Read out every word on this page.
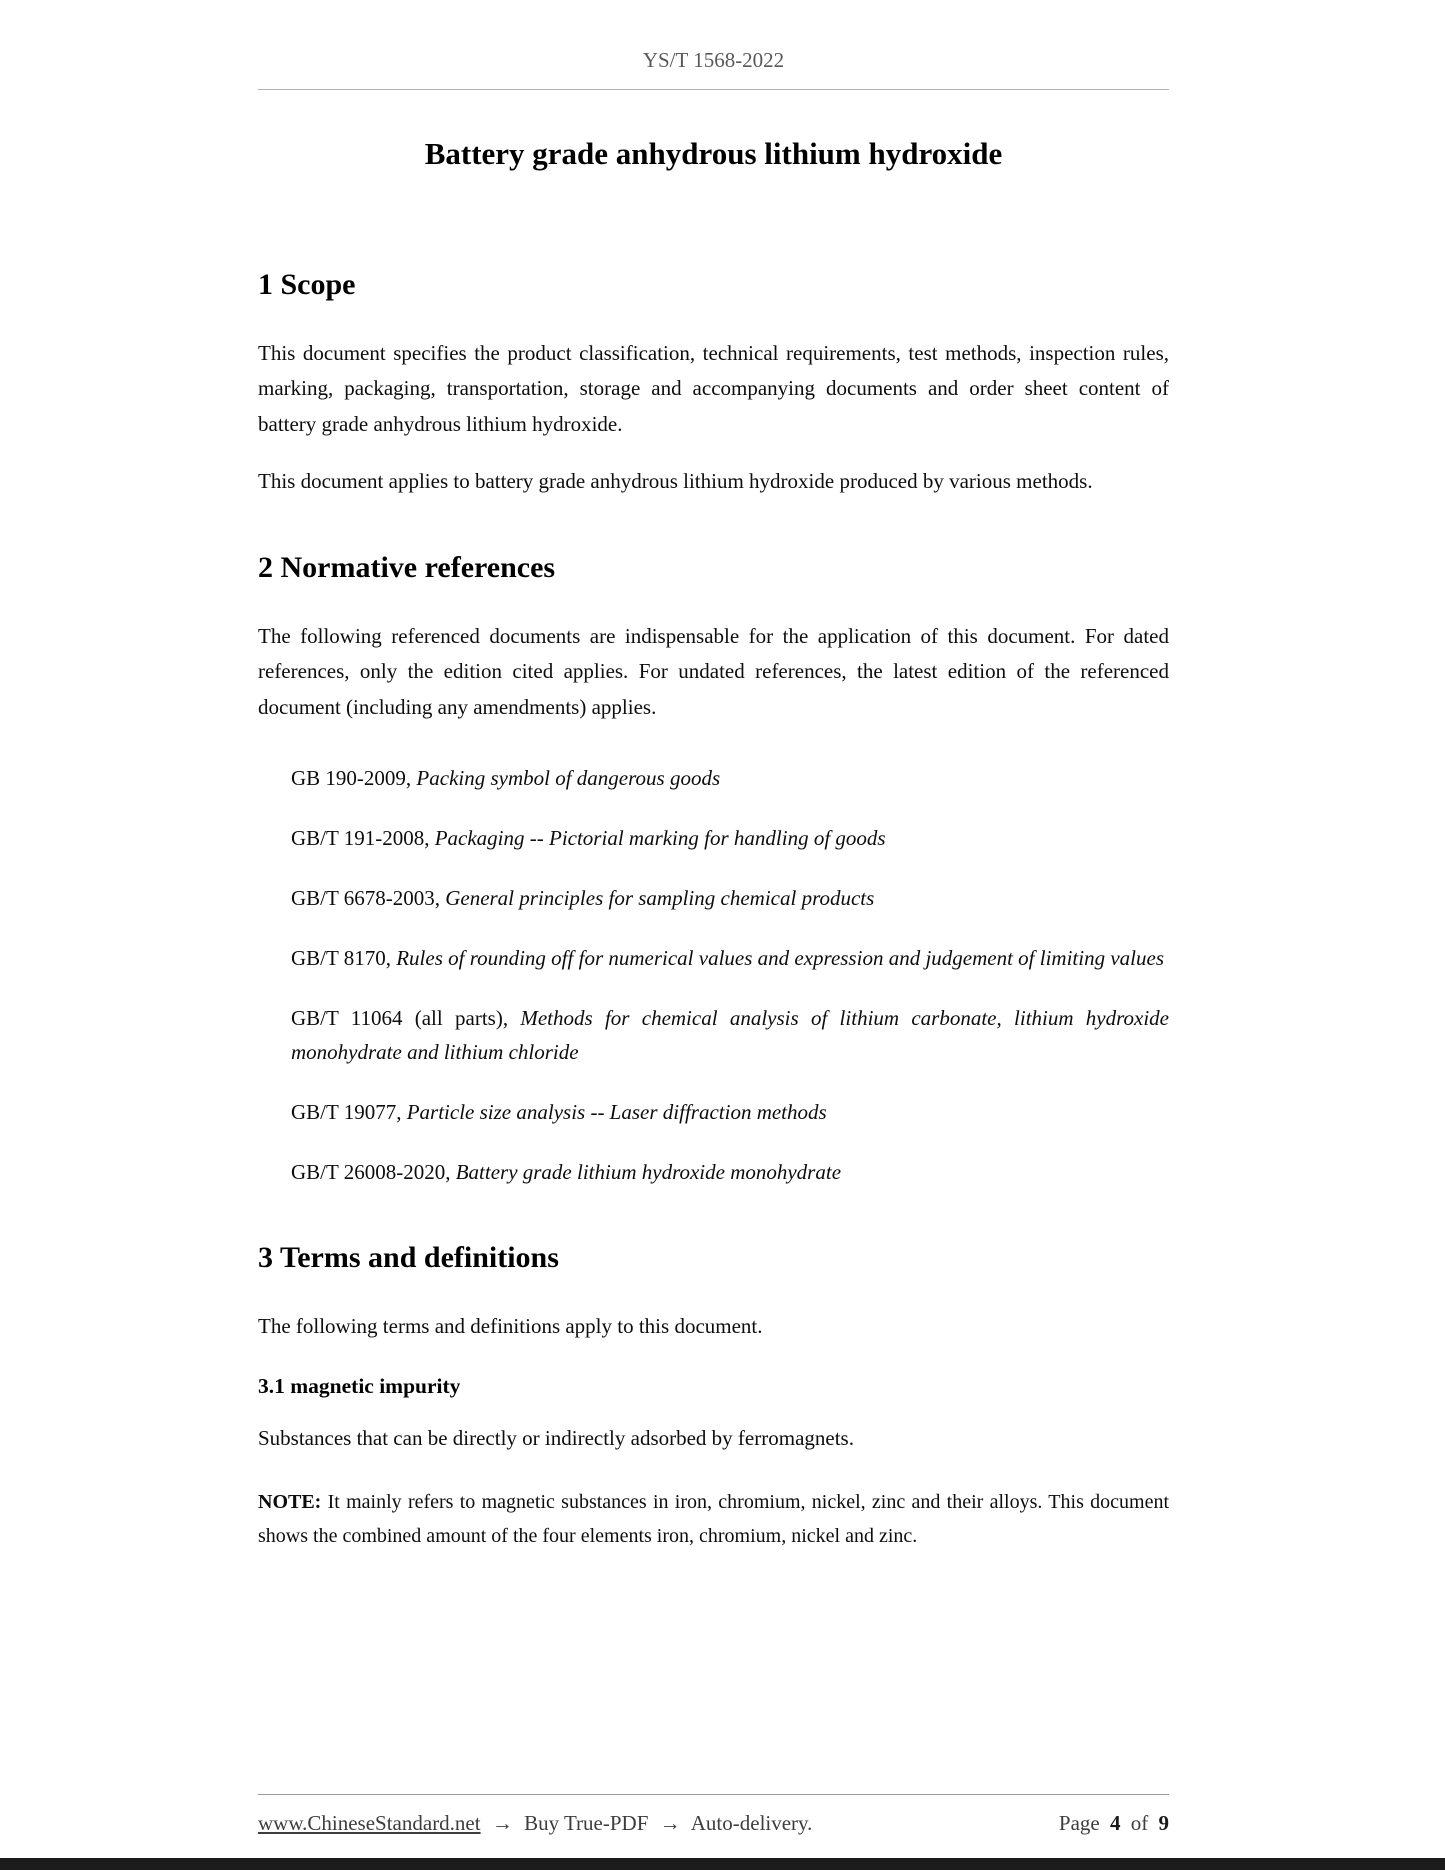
YS/T 1568-2022
Battery grade anhydrous lithium hydroxide
1 Scope

This document specifies the product classification, technical requirements, test methods, inspection rules, marking, packaging, transportation, storage and accompanying documents and order sheet content of battery grade anhydrous lithium hydroxide.

This document applies to battery grade anhydrous lithium hydroxide produced by various methods.

2 Normative references

The following referenced documents are indispensable for the application of this document. For dated references, only the edition cited applies. For undated references, the latest edition of the referenced document (including any amendments) applies.

GB 190-2009, Packing symbol of dangerous goods

GB/T 191-2008, Packaging -- Pictorial marking for handling of goods

GB/T 6678-2003, General principles for sampling chemical products

GB/T 8170, Rules of rounding off for numerical values and expression and judgement of limiting values

GB/T 11064 (all parts), Methods for chemical analysis of lithium carbonate, lithium hydroxide monohydrate and lithium chloride

GB/T 19077, Particle size analysis -- Laser diffraction methods

GB/T 26008-2020, Battery grade lithium hydroxide monohydrate

3 Terms and definitions

The following terms and definitions apply to this document.

3.1 magnetic impurity

Substances that can be directly or indirectly adsorbed by ferromagnets.

NOTE: It mainly refers to magnetic substances in iron, chromium, nickel, zinc and their alloys. This document shows the combined amount of the four elements iron, chromium, nickel and zinc.

www.ChineseStandard.net → Buy True-PDF → Auto-delivery.	Page 4 of 9
